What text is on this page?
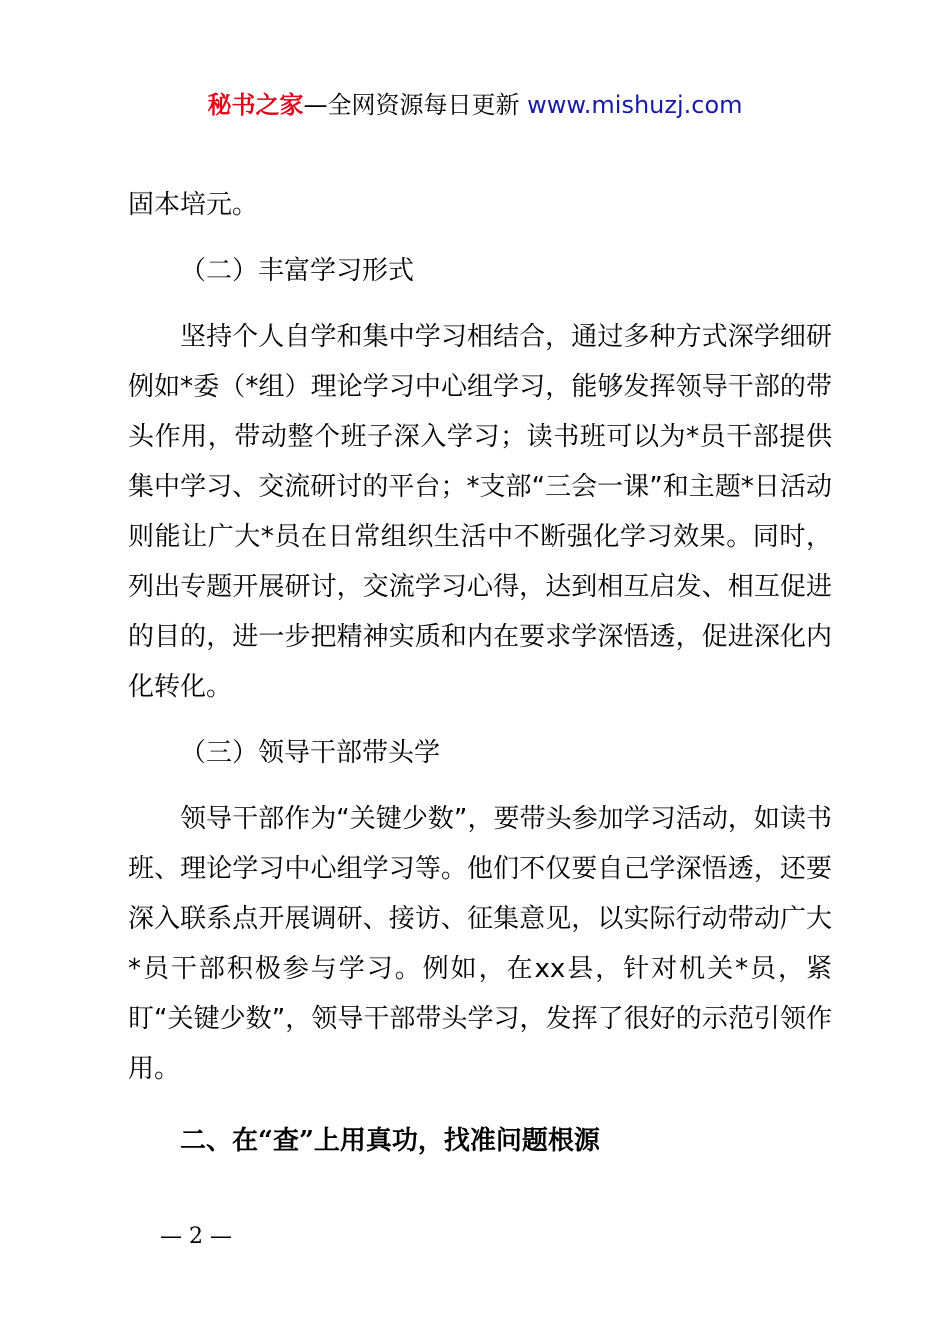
秘书之家—全网资源每日更新 www.mishuzj.com

固本培元。

（二）丰富学习形式

坚持个人自学和集中学习相结合，通过多种方式深学细研例如*委（*组）理论学习中心组学习，能够发挥领导干部的带头作用，带动整个班子深入学习；读书班可以为*员干部提供集中学习、交流研讨的平台；*支部“三会一课”和主题*日活动则能让广大*员在日常组织生活中不断强化学习效果。同时，列出专题开展研讨，交流学习心得，达到相互启发、相互促进的目的，进一步把精神实质和内在要求学深悟透，促进深化内化转化。

（三）领导干部带头学

领导干部作为“关键少数”，要带头参加学习活动，如读书班、理论学习中心组学习等。他们不仅要自己学深悟透，还要深入联系点开展调研、接访、征集意见，以实际行动带动广大*员干部积极参与学习。例如，在xx县，针对机关*员，紧盯“关键少数”，领导干部带头学习，发挥了很好的示范引领作用。

二、在“查”上用真功，找准问题根源

— 2 —
